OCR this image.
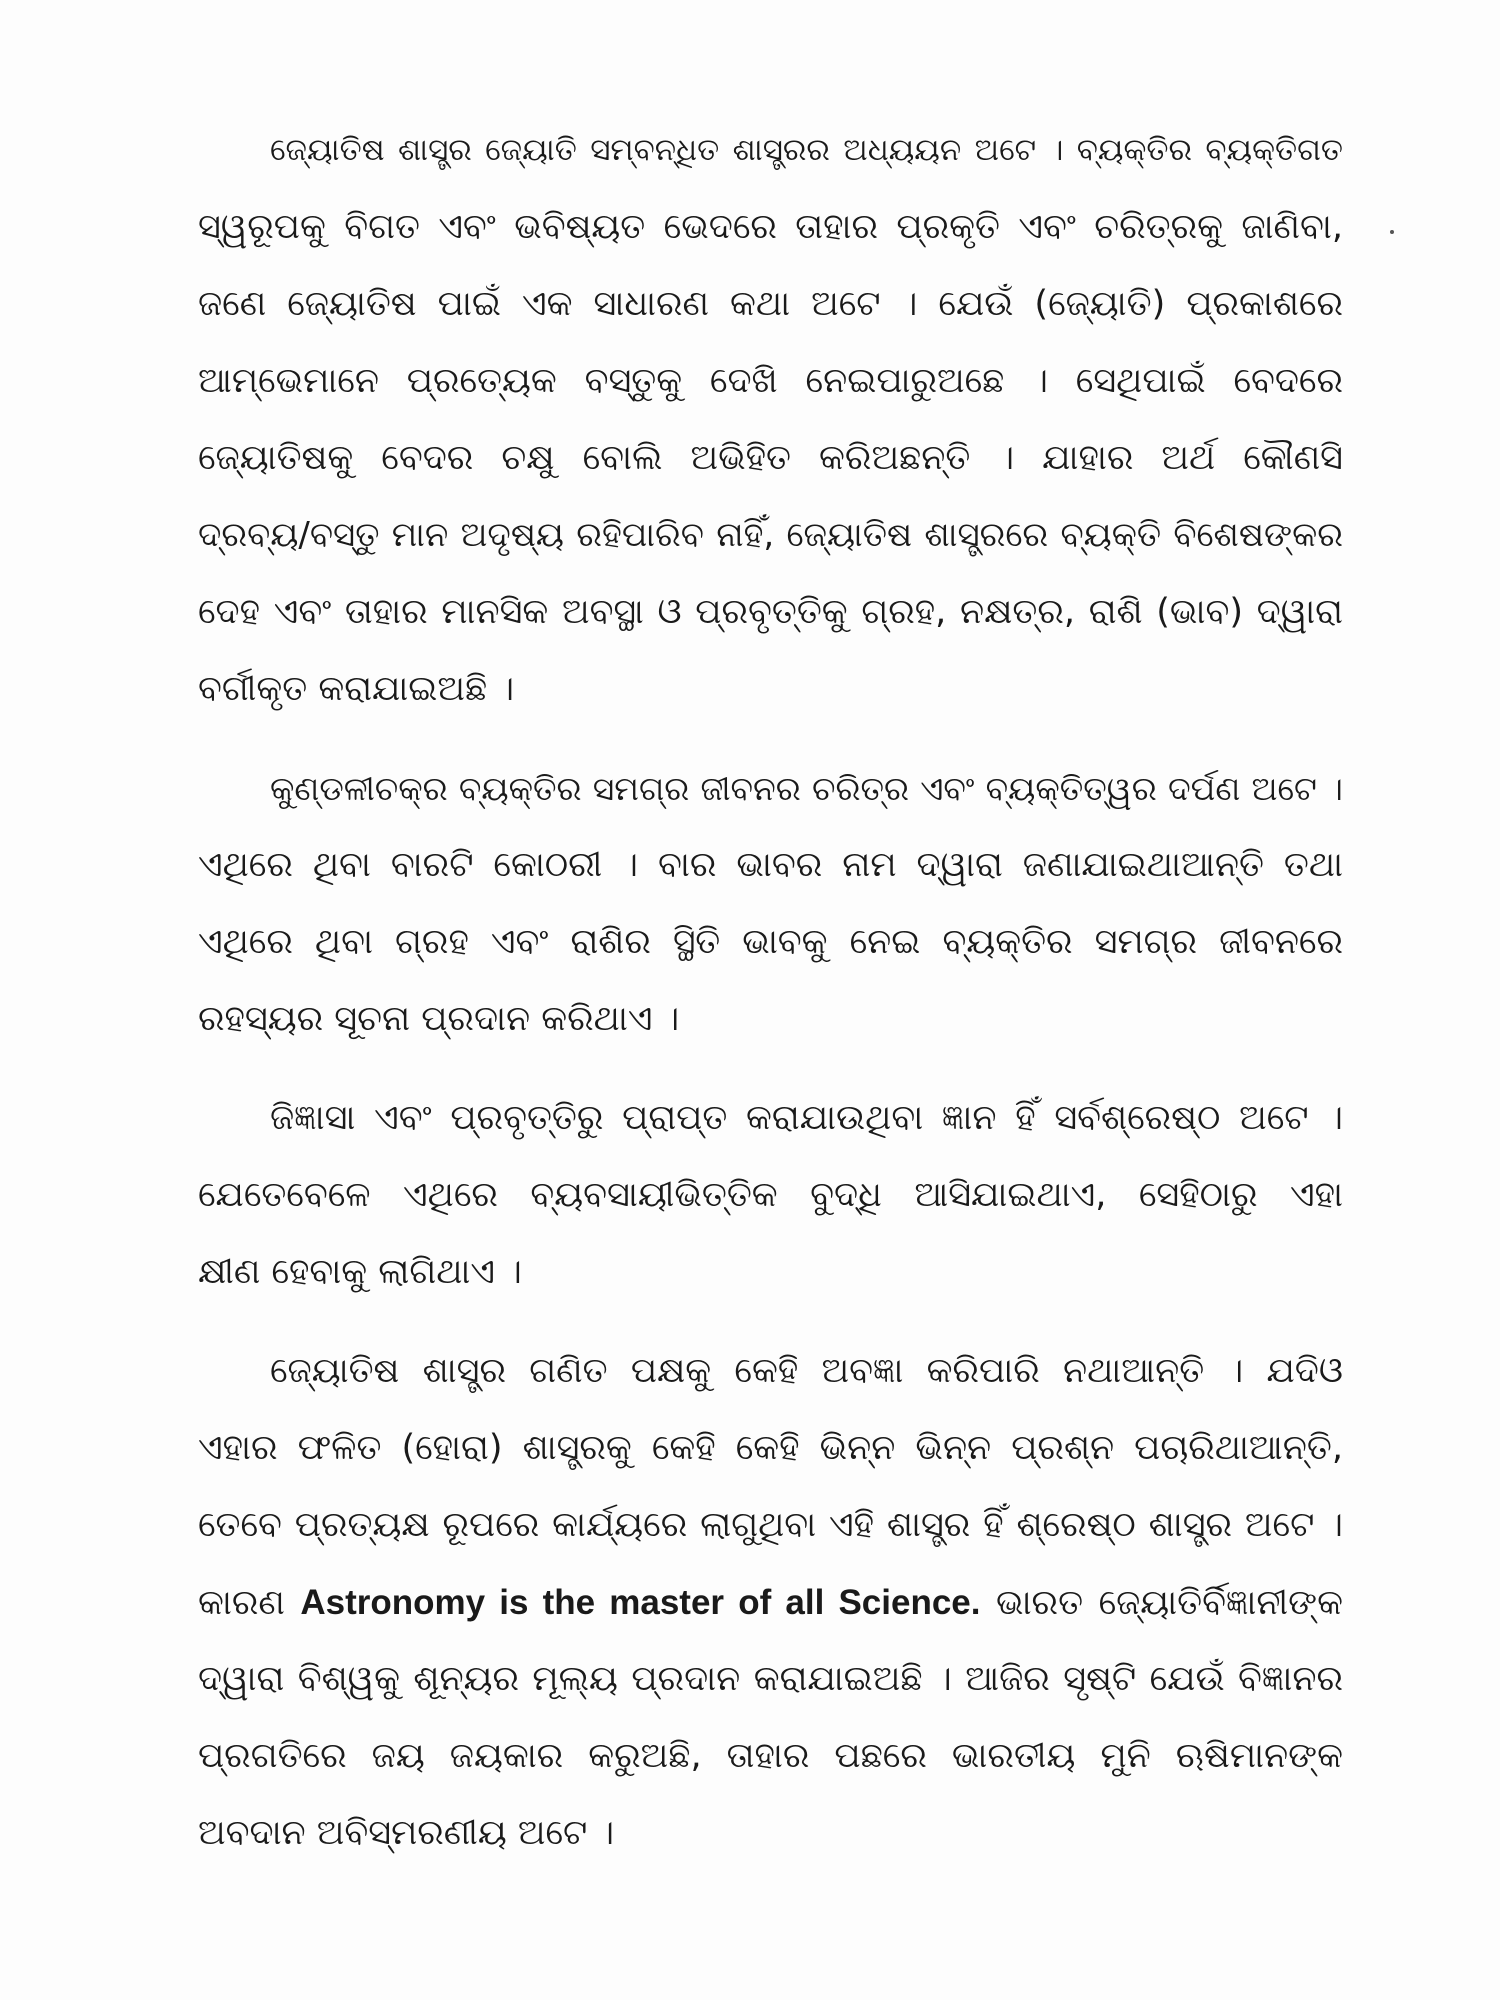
ଜ୍ୟୋତିଷ ଶାସ୍ତ୍ର ଜ୍ୟୋତି ସମ୍ବନ୍ଧିତ ଶାସ୍ତ୍ରର ଅଧ୍ୟୟନ ଅଟେ । ବ୍ୟକ୍ତିର ବ୍ୟକ୍ତିଗତ
ସ୍ୱରୂପକୁ ବିଗତ ଏବଂ ଭବିଷ୍ୟତ ଭେଦରେ ତାହାର ପ୍ରକୃତି ଏବଂ ଚରିତ୍ରକୁ ଜାଣିବା,
ଜଣେ ଜ୍ୟୋତିଷ ପାଇଁ ଏକ ସାଧାରଣ କଥା ଅଟେ । ଯେଉଁ (ଜ୍ୟୋତି) ପ୍ରକାଶରେ
ଆମ୍ଭେମାନେ ପ୍ରତ୍ୟେକ ବସ୍ତୁକୁ ଦେଖି ନେଇପାରୁଅଛେ । ସେଥିପାଇଁ ବେଦରେ
ଜ୍ୟୋତିଷକୁ ବେଦର ଚକ୍ଷୁ ବୋଲି ଅଭିହିତ କରିଅଛନ୍ତି । ଯାହାର ଅର୍ଥ କୌଣସି
ଦ୍ରବ୍ୟ/ବସ୍ତୁ ମାନ ଅଦୃଷ୍ୟ ରହିପାରିବ ନାହିଁ, ଜ୍ୟୋତିଷ ଶାସ୍ତ୍ରରେ ବ୍ୟକ୍ତି ବିଶେଷଙ୍କର
ଦେହ ଏବଂ ତାହାର ମାନସିକ ଅବସ୍ଥା ଓ ପ୍ରବୃତ୍ତିକୁ ଗ୍ରହ, ନକ୍ଷତ୍ର, ରାଶି (ଭାବ) ଦ୍ୱାରା
ବର୍ଗୀକୃତ କରାଯାଇଅଛି ।
କୁଣ୍ଡଳୀଚକ୍ର ବ୍ୟକ୍ତିର ସମଗ୍ର ଜୀବନର ଚରିତ୍ର ଏବଂ ବ୍ୟକ୍ତିତ୍ୱର ଦର୍ପଣ ଅଟେ ।
ଏଥିରେ ଥିବା ବାରଟି କୋଠରୀ । ବାର ଭାବର ନାମ ଦ୍ୱାରା ଜଣାଯାଇଥାଆନ୍ତି ତଥା
ଏଥିରେ ଥିବା ଗ୍ରହ ଏବଂ ରାଶିର ସ୍ଥିତି ଭାବକୁ ନେଇ ବ୍ୟକ୍ତିର ସମଗ୍ର ଜୀବନରେ
ରହସ୍ୟର ସୂଚନା ପ୍ରଦାନ କରିଥାଏ ।
ଜିଜ୍ଞାସା ଏବଂ ପ୍ରବୃତ୍ତିରୁ ପ୍ରାପ୍ତ କରାଯାଉଥିବା ଜ୍ଞାନ ହିଁ ସର୍ବଶ୍ରେଷ୍ଠ ଅଟେ ।
ଯେତେବେଳେ ଏଥିରେ ବ୍ୟବସାୟୀଭିତ୍ତିକ ବୁଦ୍ଧି ଆସିଯାଇଥାଏ, ସେହିଠାରୁ ଏହା
କ୍ଷୀଣ ହେବାକୁ ଲାଗିଥାଏ ।
ଜ୍ୟୋତିଷ ଶାସ୍ତ୍ର ଗଣିତ ପକ୍ଷକୁ କେହି ଅବଜ୍ଞା କରିପାରି ନଥାଆନ୍ତି । ଯଦିଓ
ଏହାର ଫଳିତ (ହୋରା) ଶାସ୍ତ୍ରକୁ କେହି କେହି ଭିନ୍ନ ଭିନ୍ନ ପ୍ରଶ୍ନ ପଚାରିଥାଆନ୍ତି,
ତେବେ ପ୍ରତ୍ୟକ୍ଷ ରୂପରେ କାର୍ଯ୍ୟରେ ଲାଗୁଥିବା ଏହି ଶାସ୍ତ୍ର ହିଁ ଶ୍ରେଷ୍ଠ ଶାସ୍ତ୍ର ଅଟେ ।
କାରଣ Astronomy is the master of all Science. ଭାରତ ଜ୍ୟୋତିର୍ବିଜ୍ଞାନୀଙ୍କ
ଦ୍ୱାରା ବିଶ୍ୱକୁ ଶୂନ୍ୟର ମୂଲ୍ୟ ପ୍ରଦାନ କରାଯାଇଅଛି । ଆଜିର ସୃଷ୍ଟି ଯେଉଁ ବିଜ୍ଞାନର
ପ୍ରଗତିରେ ଜୟ ଜୟକାର କରୁଅଛି, ତାହାର ପଛରେ ଭାରତୀୟ ମୁନି ଋଷିମାନଙ୍କ
ଅବଦାନ ଅବିସ୍ମରଣୀୟ ଅଟେ ।
